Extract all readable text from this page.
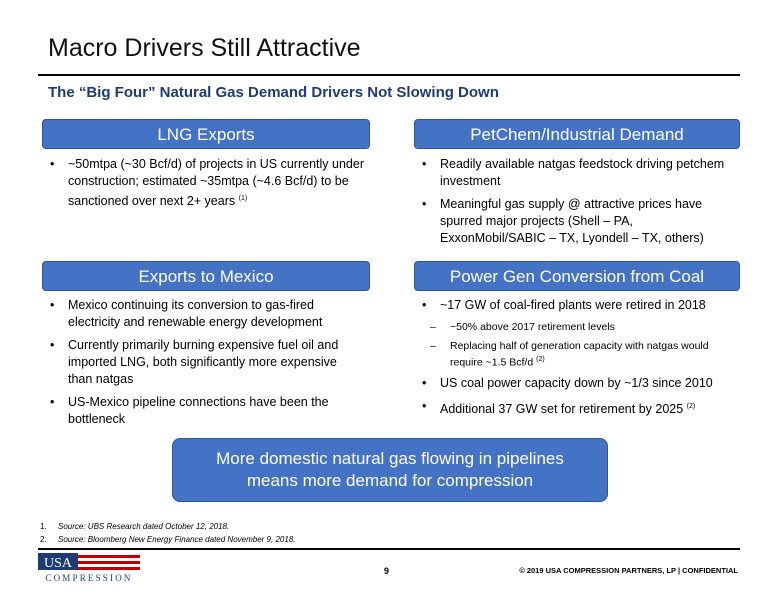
Macro Drivers Still Attractive
The “Big Four” Natural Gas Demand Drivers Not Slowing Down
LNG Exports
• ~50mtpa (~30 Bcf/d) of projects in US currently under construction; estimated ~35mtpa (~4.6 Bcf/d) to be sanctioned over next 2+ years $^{(1)}$
PetChem/Industrial Demand
• Readily available natgas feedstock driving petchem investment
• Meaningful gas supply @ attractive prices have spurred major projects (Shell – PA, ExxonMobil/SABIC – TX, Lyondell – TX, others)
Exports to Mexico
• Mexico continuing its conversion to gas-fired electricity and renewable energy development
• Currently primarily burning expensive fuel oil and imported LNG, both significantly more expensive than natgas
• US-Mexico pipeline connections have been the bottleneck
Power Gen Conversion from Coal
• ~17 GW of coal-fired plants were retired in 2018
– ~50% above 2017 retirement levels
– Replacing half of generation capacity with natgas would require ~1.5 Bcf/d $^{(2)}$
• US coal power capacity down by ~1/3 since 2010
• Additional 37 GW set for retirement by 2025 $^{(2)}$
More domestic natural gas flowing in pipelines
means more demand for compression
1. Source: UBS Research dated October 12, 2018.
2. Source: Bloomberg New Energy Finance dated November 9, 2018.
USA
COMPRESSION
9	© 2019 USA COMPRESSION PARTNERS, LP | CONFIDENTIAL
